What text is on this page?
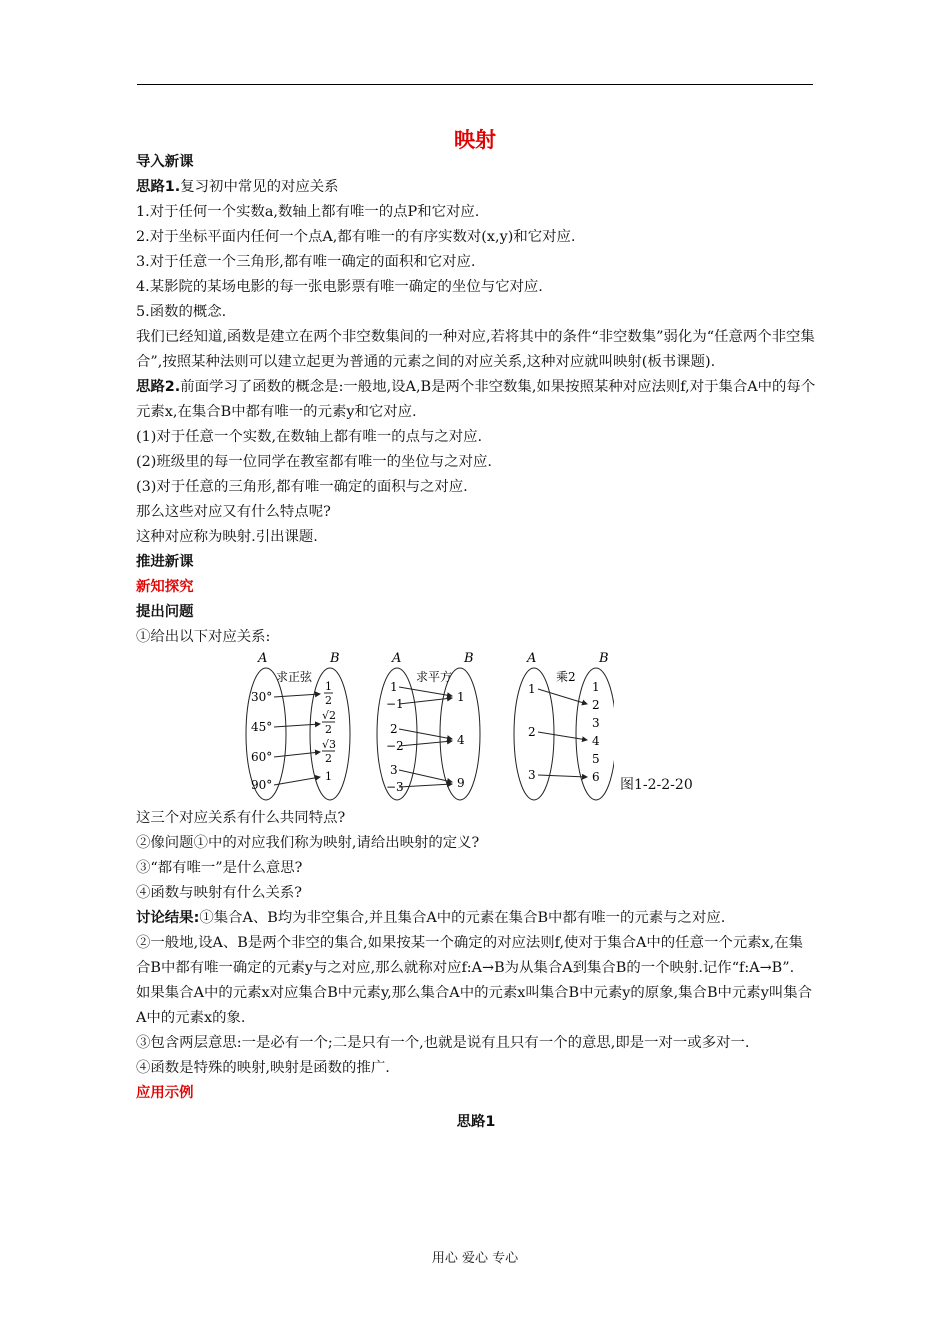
映射

导入新课

思路1.复习初中常见的对应关系

1.对于任何一个实数a,数轴上都有唯一的点P和它对应.

2.对于坐标平面内任何一个点A,都有唯一的有序实数对(x,y)和它对应.

3.对于任意一个三角形,都有唯一确定的面积和它对应.

4.某影院的某场电影的每一张电影票有唯一确定的坐位与它对应.

5.函数的概念.

我们已经知道,函数是建立在两个非空数集间的一种对应,若将其中的条件“非空数集”弱化为“任意两个非空集合”,按照某种法则可以建立起更为普通的元素之间的对应关系,这种对应就叫映射(板书课题).

思路2.前面学习了函数的概念是:一般地,设A,B是两个非空数集,如果按照某种对应法则f,对于集合A中的每个元素x,在集合B中都有唯一的元素y和它对应.

(1)对于任意一个实数,在数轴上都有唯一的点与之对应.

(2)班级里的每一位同学在教室都有唯一的坐位与之对应.

(3)对于任意的三角形,都有唯一确定的面积与之对应.

那么这些对应又有什么特点呢?

这种对应称为映射.引出课题.

推进新课

新知探究

提出问题

①给出以下对应关系:

A	B
求正弦
30°
45°
60°
90°
1
2
√2
2
√3
2
1
A	B
求平方
1
−1
2
−2
3
−3
1
4
9
A	B
乘2
1
2
3
1
2
3
4
5
6 图1-2-2-20

这三个对应关系有什么共同特点?

②像问题①中的对应我们称为映射,请给出映射的定义?

③“都有唯一”是什么意思?

④函数与映射有什么关系?

讨论结果:①集合A、B均为非空集合,并且集合A中的元素在集合B中都有唯一的元素与之对应.

②一般地,设A、B是两个非空的集合,如果按某一个确定的对应法则f,使对于集合A中的任意一个元素x,在集合B中都有唯一确定的元素y与之对应,那么就称对应f:A→B为从集合A到集合B的一个映射.记作“f:A→B”.

如果集合A中的元素x对应集合B中元素y,那么集合A中的元素x叫集合B中元素y的原象,集合B中元素y叫集合A中的元素x的象.

③包含两层意思:一是必有一个;二是只有一个,也就是说有且只有一个的意思,即是一对一或多对一.

④函数是特殊的映射,映射是函数的推广.

应用示例

思路1

用心 爱心 专心
